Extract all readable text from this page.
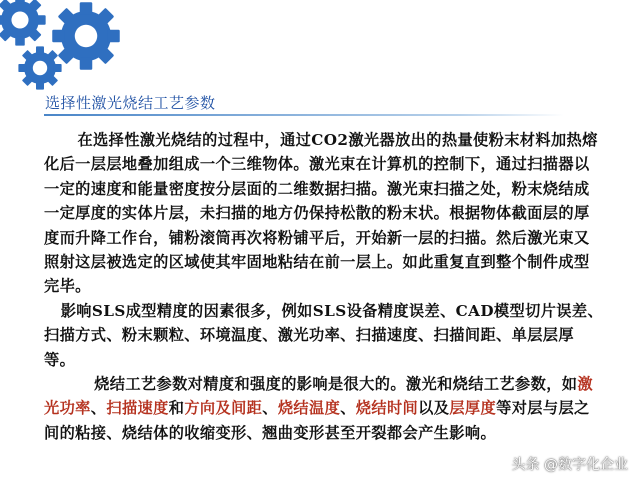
选择性激光烧结工艺参数

在选择性激光烧结的过程中，通过CO2激光器放出的热量使粉末材料加热熔化后一层层地叠加组成一个三维物体。激光束在计算机的控制下，通过扫描器以一定的速度和能量密度按分层面的二维数据扫描。激光束扫描之处，粉末烧结成一定厚度的实体片层，未扫描的地方仍保持松散的粉末状。根据物体截面层的厚度而升降工作台，铺粉滚筒再次将粉铺平后，开始新一层的扫描。然后激光束又照射这层被选定的区域使其牢固地粘结在前一层上。如此重复直到整个制件成型完毕。

影响SLS成型精度的因素很多，例如SLS设备精度误差、CAD模型切片误差、扫描方式、粉末颗粒、环境温度、激光功率、扫描速度、扫描间距、单层层厚等。

烧结工艺参数对精度和强度的影响是很大的。激光和烧结工艺参数，如激光功率、扫描速度和方向及间距、烧结温度、烧结时间以及层厚度等对层与层之间的粘接、烧结体的收缩变形、翘曲变形甚至开裂都会产生影响。

头条 @数字化企业
